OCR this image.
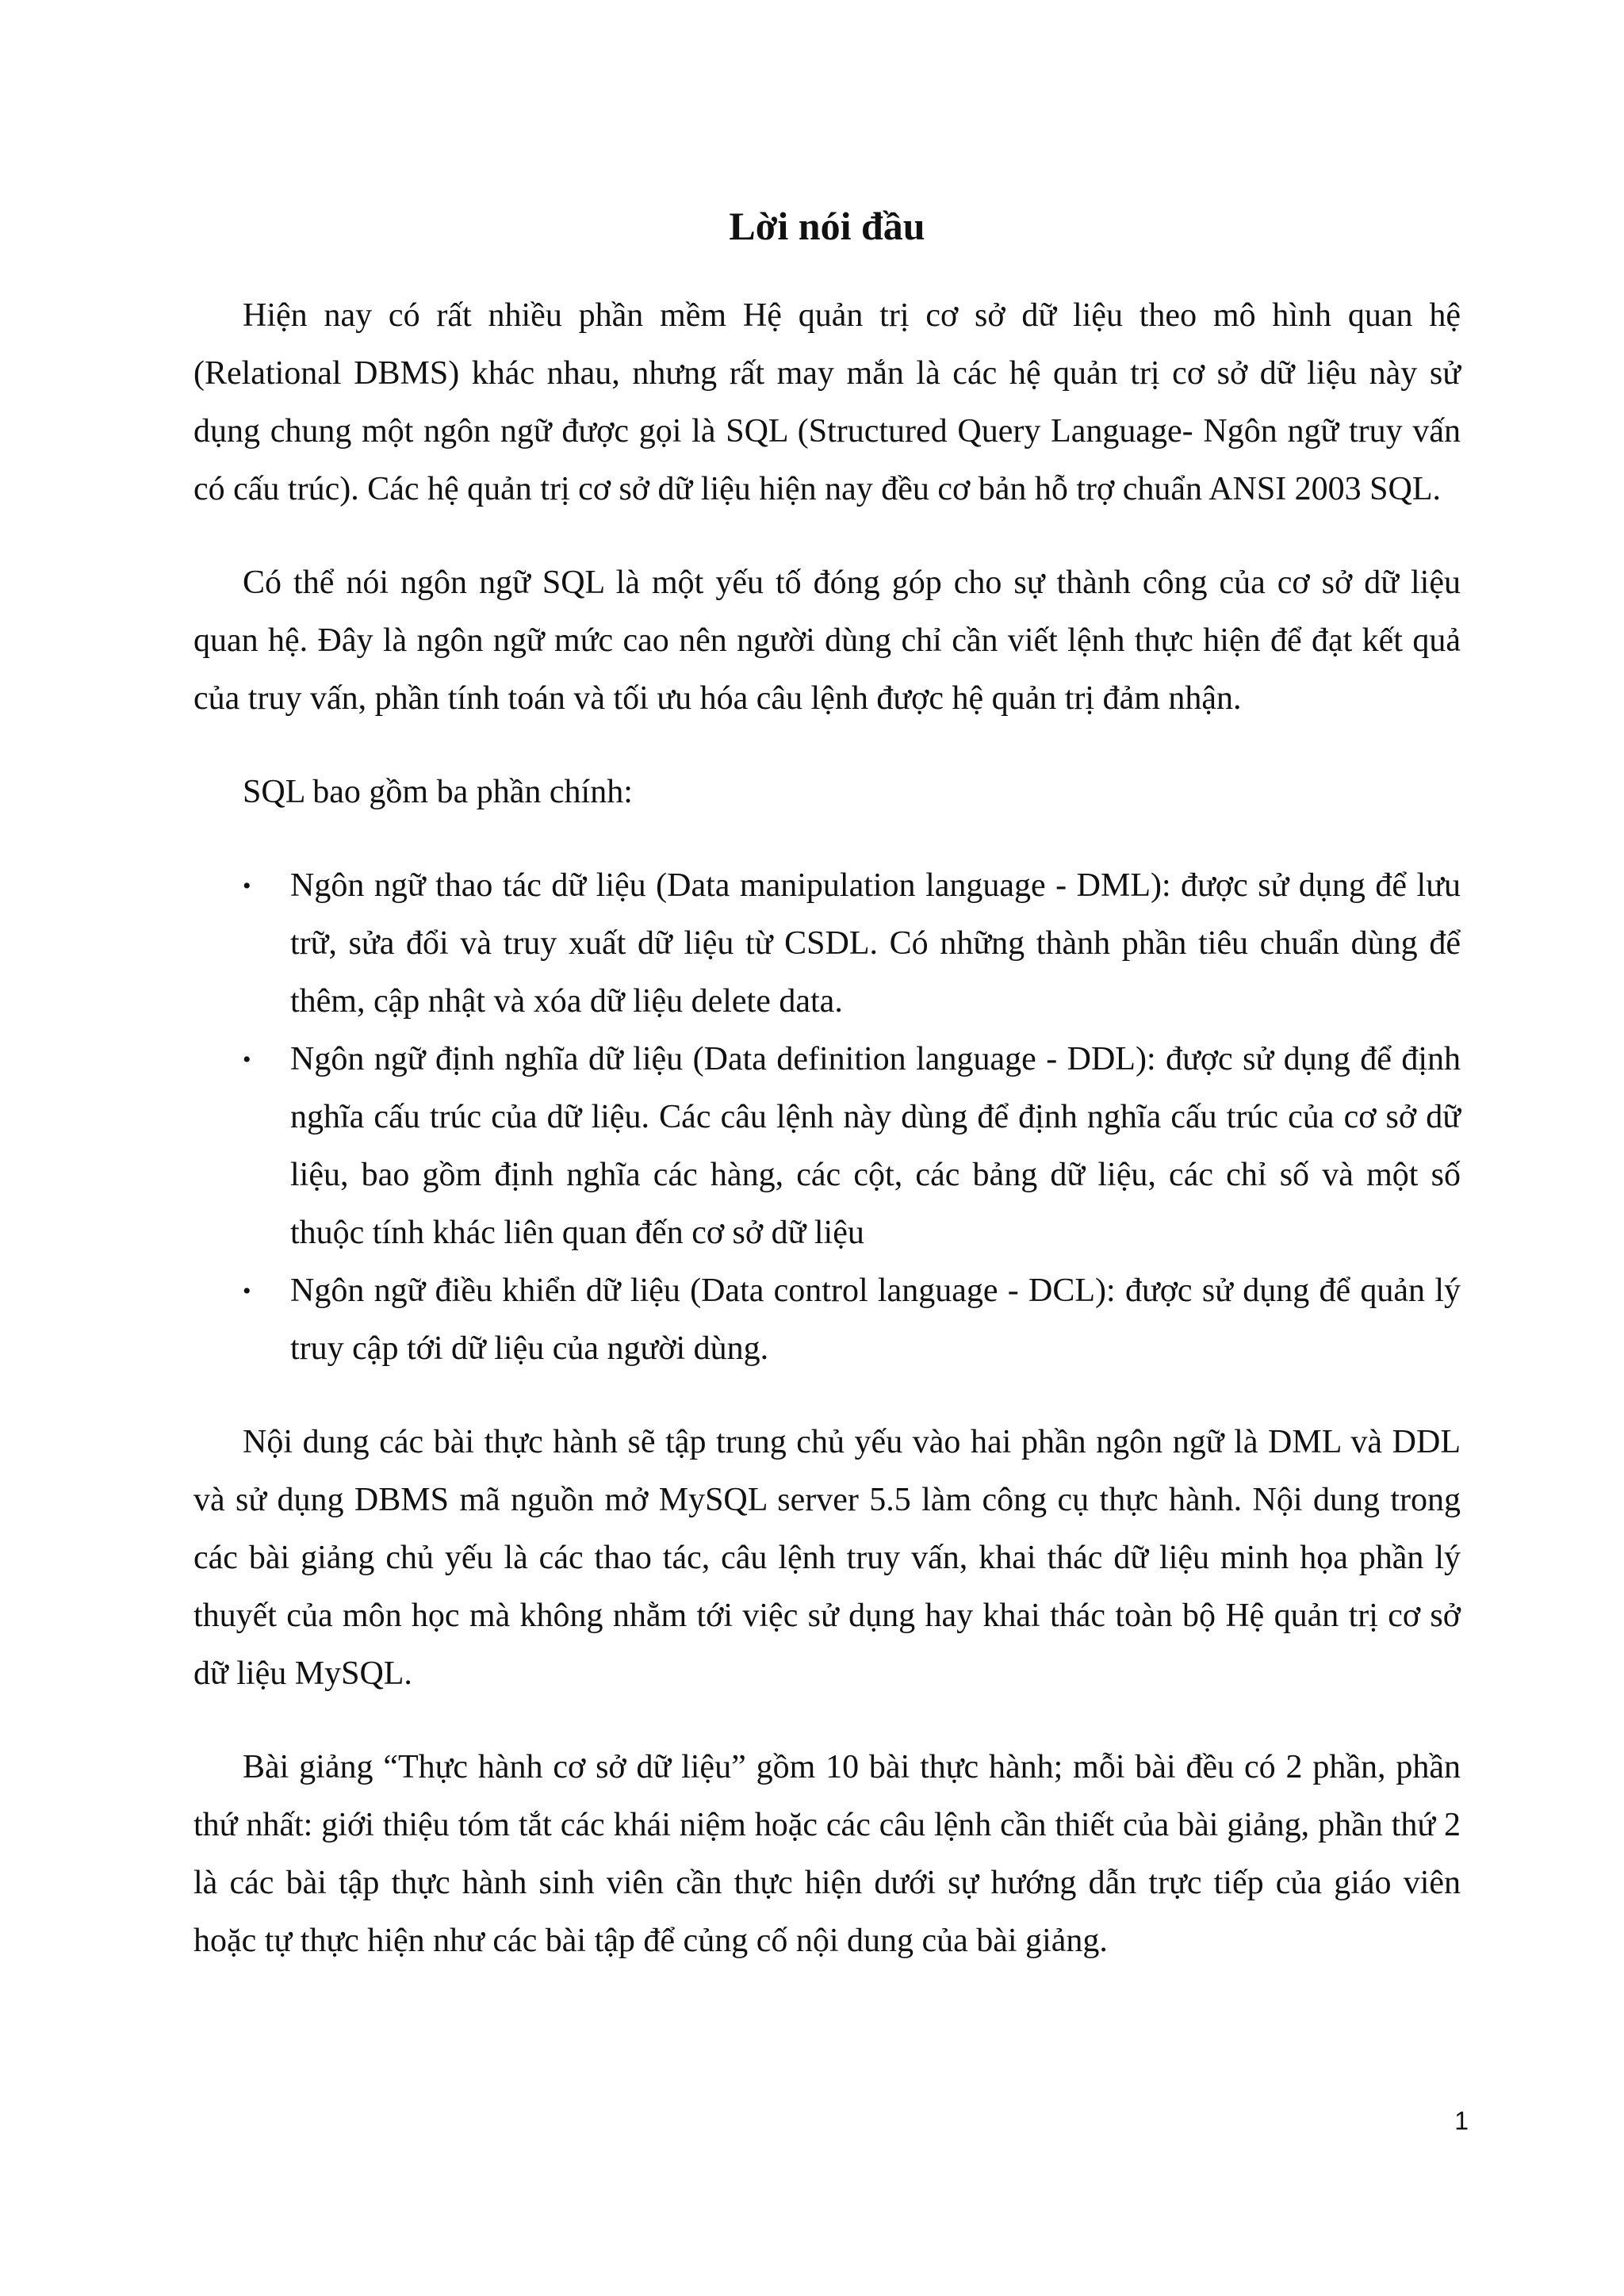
Lời nói đầu

Hiện nay có rất nhiều phần mềm Hệ quản trị cơ sở dữ liệu theo mô hình quan hệ (Relational DBMS) khác nhau, nhưng rất may mắn là các hệ quản trị cơ sở dữ liệu này sử dụng chung một ngôn ngữ được gọi là SQL (Structured Query Language- Ngôn ngữ truy vấn có cấu trúc). Các hệ quản trị cơ sở dữ liệu hiện nay đều cơ bản hỗ trợ chuẩn ANSI 2003 SQL.

Có thể nói ngôn ngữ SQL là một yếu tố đóng góp cho sự thành công của cơ sở dữ liệu quan hệ. Đây là ngôn ngữ mức cao nên người dùng chỉ cần viết lệnh thực hiện để đạt kết quả của truy vấn, phần tính toán và tối ưu hóa câu lệnh được hệ quản trị đảm nhận.

SQL bao gồm ba phần chính:

• Ngôn ngữ thao tác dữ liệu (Data manipulation language - DML): được sử dụng để lưu trữ, sửa đổi và truy xuất dữ liệu từ CSDL. Có những thành phần tiêu chuẩn dùng để thêm, cập nhật và xóa dữ liệu delete data.
• Ngôn ngữ định nghĩa dữ liệu (Data definition language - DDL): được sử dụng để định nghĩa cấu trúc của dữ liệu. Các câu lệnh này dùng để định nghĩa cấu trúc của cơ sở dữ liệu, bao gồm định nghĩa các hàng, các cột, các bảng dữ liệu, các chỉ số và một số thuộc tính khác liên quan đến cơ sở dữ liệu
• Ngôn ngữ điều khiển dữ liệu (Data control language - DCL): được sử dụng để quản lý truy cập tới dữ liệu của người dùng.

Nội dung các bài thực hành sẽ tập trung chủ yếu vào hai phần ngôn ngữ là DML và DDL và sử dụng DBMS mã nguồn mở MySQL server 5.5 làm công cụ thực hành. Nội dung trong các bài giảng chủ yếu là các thao tác, câu lệnh truy vấn, khai thác dữ liệu minh họa phần lý thuyết của môn học mà không nhằm tới việc sử dụng hay khai thác toàn bộ Hệ quản trị cơ sở dữ liệu MySQL.

Bài giảng “Thực hành cơ sở dữ liệu” gồm 10 bài thực hành; mỗi bài đều có 2 phần, phần thứ nhất: giới thiệu tóm tắt các khái niệm hoặc các câu lệnh cần thiết của bài giảng, phần thứ 2 là các bài tập thực hành sinh viên cần thực hiện dưới sự hướng dẫn trực tiếp của giáo viên hoặc tự thực hiện như các bài tập để củng cố nội dung của bài giảng.

1
